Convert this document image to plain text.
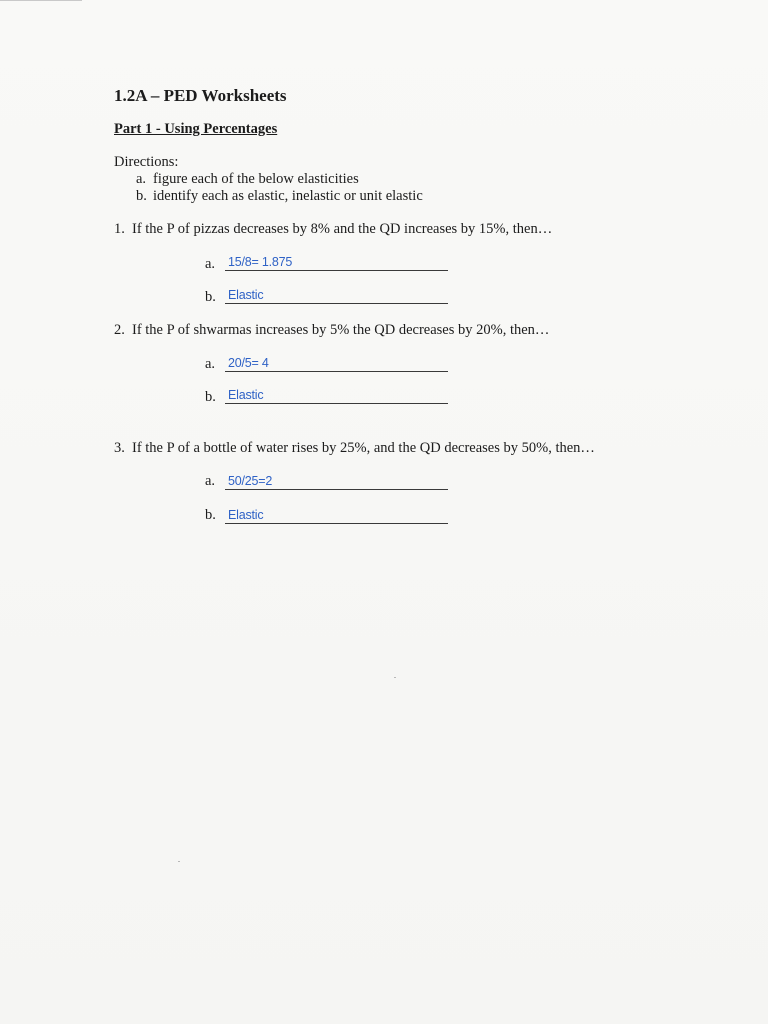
1.2A – PED Worksheets
Part 1 - Using Percentages
Directions:
a. figure each of the below elasticities
b. identify each as elastic, inelastic or unit elastic
1. If the P of pizzas decreases by 8% and the QD increases by 15%, then…
a. 15/8= 1.875
b. Elastic
2. If the P of shwarmas increases by 5% the QD decreases by 20%, then…
a. 20/5= 4
b. Elastic
3. If the P of a bottle of water rises by 25%, and the QD decreases by 50%, then…
a. 50/25=2
b. Elastic
